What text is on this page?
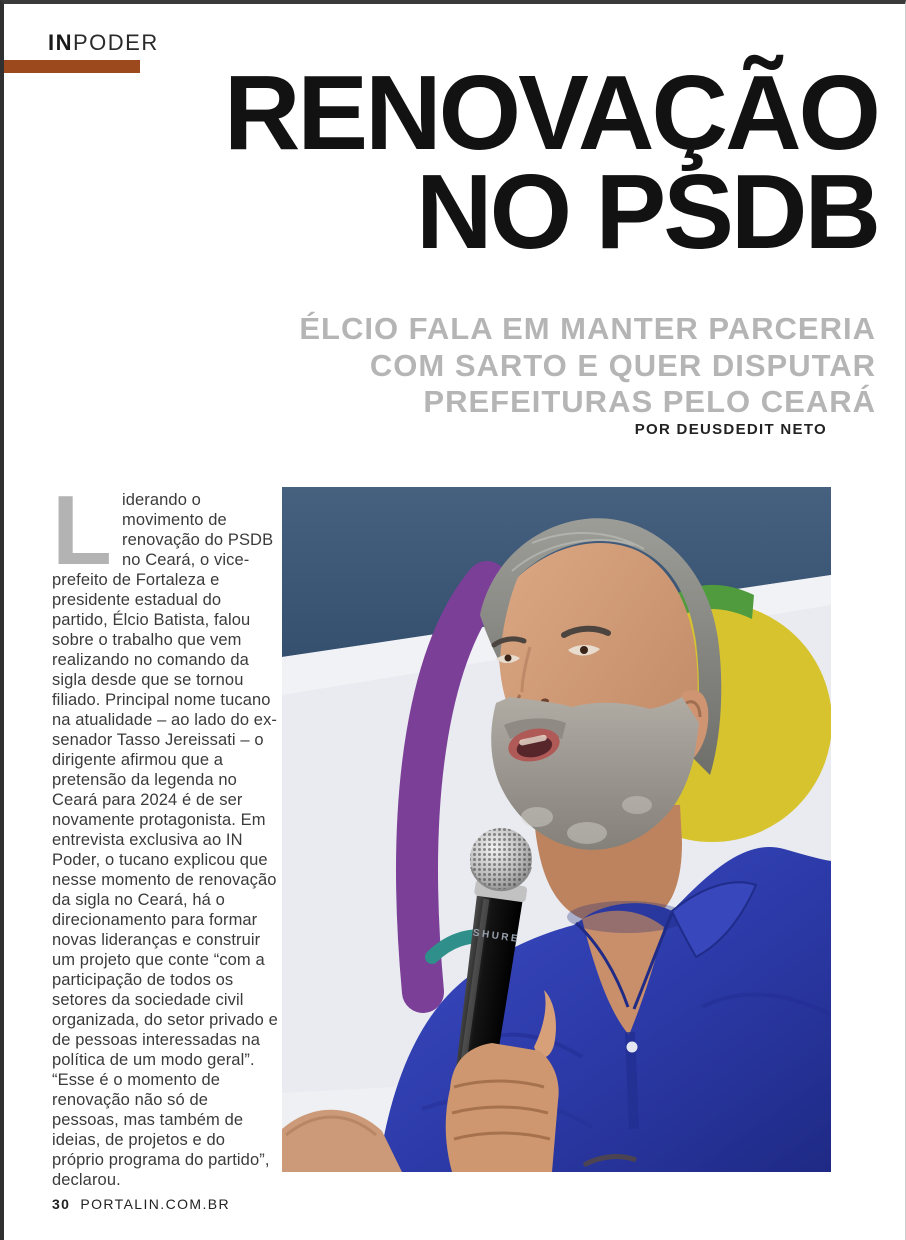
INPODER
RENOVAÇÃO
NO PSDB
ÉLCIO FALA EM MANTER PARCERIA
COM SARTO E QUER DISPUTAR
PREFEITURAS PELO CEARÁ
POR DEUSDEDIT NETO
Liderando o movimento de renovação do PSDB no Ceará, o vice-prefeito de Fortaleza e presidente estadual do partido, Élcio Batista, falou sobre o trabalho que vem realizando no comando da sigla desde que se tornou filiado. Principal nome tucano na atualidade – ao lado do ex-senador Tasso Jereissati – o dirigente afirmou que a pretensão da legenda no Ceará para 2024 é de ser novamente protagonista. Em entrevista exclusiva ao IN Poder, o tucano explicou que nesse momento de renovação da sigla no Ceará, há o direcionamento para formar novas lideranças e construir um projeto que conte “com a participação de todos os setores da sociedade civil organizada, do setor privado e de pessoas interessadas na política de um modo geral”. “Esse é o momento de renovação não só de pessoas, mas também de ideias, de projetos e do próprio programa do partido”, declarou.
SHURE
30 PORTALIN.COM.BR
